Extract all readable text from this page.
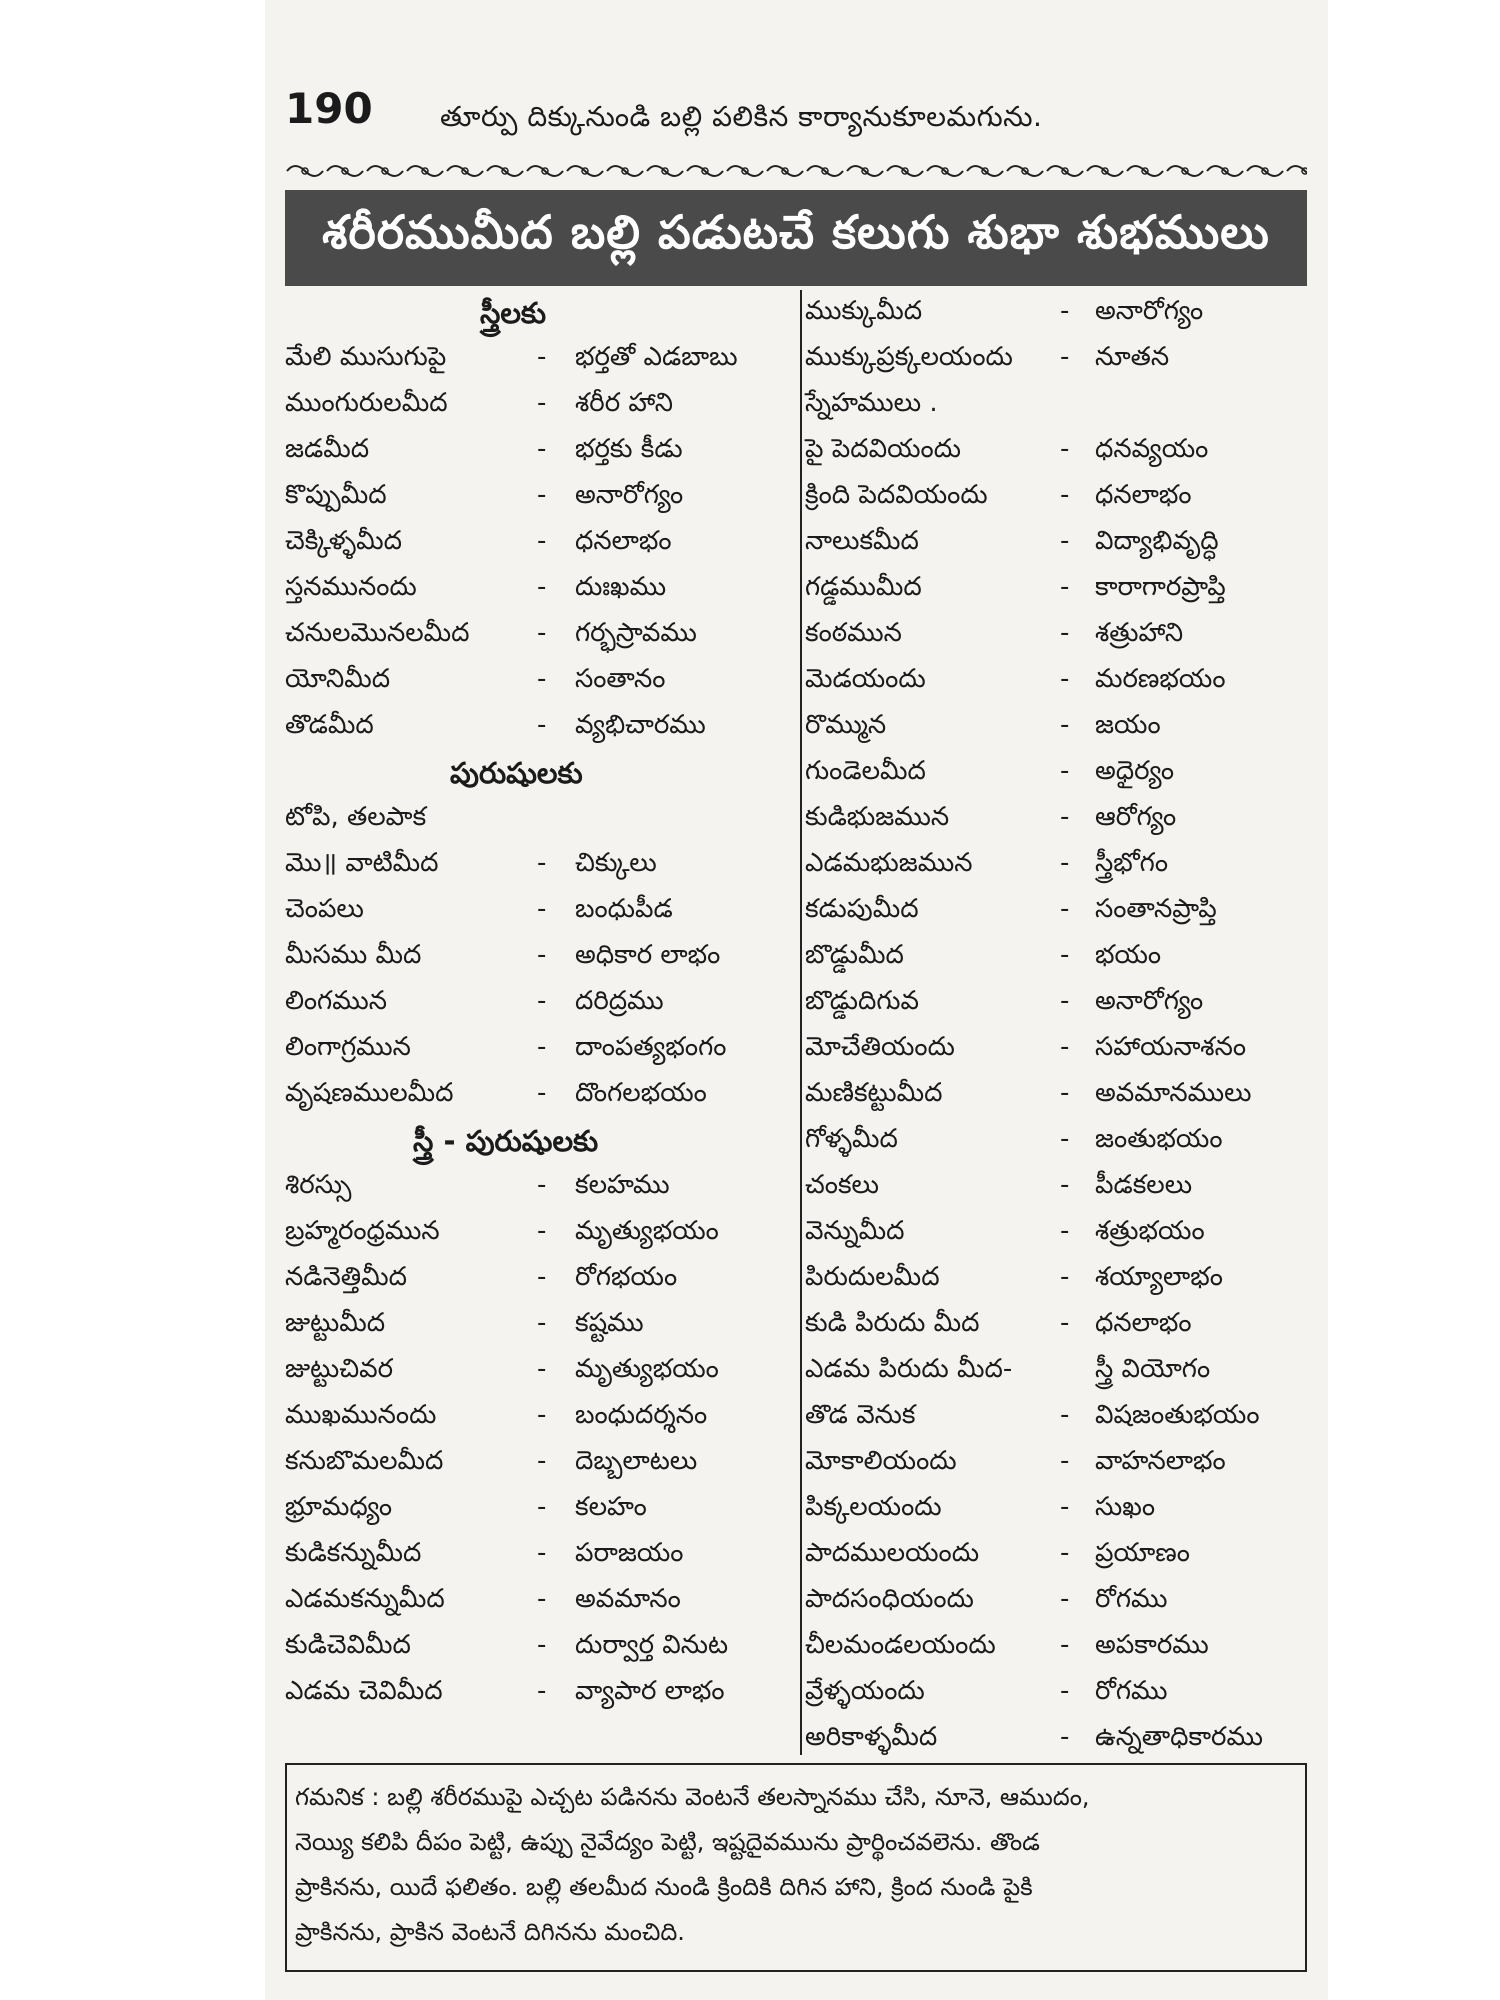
190 తూర్పు దిక్కునుండి బల్లి పలికిన కార్యానుకూలమగును.
శరీరముమీద బల్లి పడుటచే కలుగు శుభా శుభములు
స్త్రీలకు
మేలి ముసుగుపై	- భర్తతో ఎడబాబు
ముంగురులమీద	- శరీర హాని
జడమీద	- భర్తకు కీడు
కొప్పుమీద	- అనారోగ్యం
చెక్కిళ్ళమీద	- ధనలాభం
స్తనమునందు	- దుఃఖము
చనులమొనలమీద	- గర్భస్రావము
యోనిమీద	- సంతానం
తొడమీద	- వ్యభిచారము
పురుషులకు
టోపి, తలపాక
మొ॥ వాటిమీద	- చిక్కులు
చెంపలు	- బంధుపీడ
మీసము మీద	- అధికార లాభం
లింగమున	- దరిద్రము
లింగాగ్రమున	- దాంపత్యభంగం
వృషణములమీద	- దొంగలభయం
స్త్రీ - పురుషులకు
శిరస్సు	- కలహము
బ్రహ్మరంధ్రమున	- మృత్యుభయం
నడినెత్తిమీద	- రోగభయం
జుట్టుమీద	- కష్టము
జుట్టుచివర	- మృత్యుభయం
ముఖమునందు	- బంధుదర్శనం
కనుబొమలమీద	- దెబ్బలాటలు
భ్రూమధ్యం	- కలహం
కుడికన్నుమీద	- పరాజయం
ఎడమకన్నుమీద	- అవమానం
కుడిచెవిమీద	- దుర్వార్త వినుట
ఎడమ చెవిమీద	- వ్యాపార లాభం
ముక్కుమీద	- అనారోగ్యం
ముక్కుప్రక్కలయందు - నూతన
స్నేహములు .
పై పెదవియందు	- ధనవ్యయం
క్రింది పెదవియందు	- ధనలాభం
నాలుకమీద	- విద్యాభివృద్ధి
గడ్డముమీద	- కారాగారప్రాప్తి
కంఠమున	- శత్రుహాని
మెడయందు	- మరణభయం
రొమ్మున	- జయం
గుండెలమీద	- అధైర్యం
కుడిభుజమున	- ఆరోగ్యం
ఎడమభుజమున	- స్త్రీభోగం
కడుపుమీద	- సంతానప్రాప్తి
బొడ్డుమీద	- భయం
బొడ్డుదిగువ	- అనారోగ్యం
మోచేతియందు	- సహాయనాశనం
మణికట్టుమీద	- అవమానములు
గోళ్ళమీద	- జంతుభయం
చంకలు	- పీడకలలు
వెన్నుమీద	- శత్రుభయం
పిరుదులమీద	- శయ్యాలాభం
కుడి పిరుదు మీద	- ధనలాభం
ఎడమ పిరుదు మీద-	స్త్రీ వియోగం
తొడ వెనుక	- విషజంతుభయం
మోకాలియందు	- వాహనలాభం
పిక్కలయందు	- సుఖం
పాదములయందు	- ప్రయాణం
పాదసంధియందు	- రోగము
చీలమండలయందు - అపకారము
వ్రేళ్ళయందు	- రోగము
అరికాళ్ళమీద	- ఉన్నతాధికారము
గమనిక : బల్లి శరీరముపై ఎచ్చట పడినను వెంటనే తలస్నానము చేసి, నూనె, ఆముదం,
నెయ్యి కలిపి దీపం పెట్టి, ఉప్పు నైవేద్యం పెట్టి, ఇష్టదైవమును ప్రార్థించవలెను. తొండ
ప్రాకినను, యిదే ఫలితం. బల్లి తలమీద నుండి క్రిందికి దిగిన హాని, క్రింద నుండి పైకి
ప్రాకినను, ప్రాకిన వెంటనే దిగినను మంచిది.
